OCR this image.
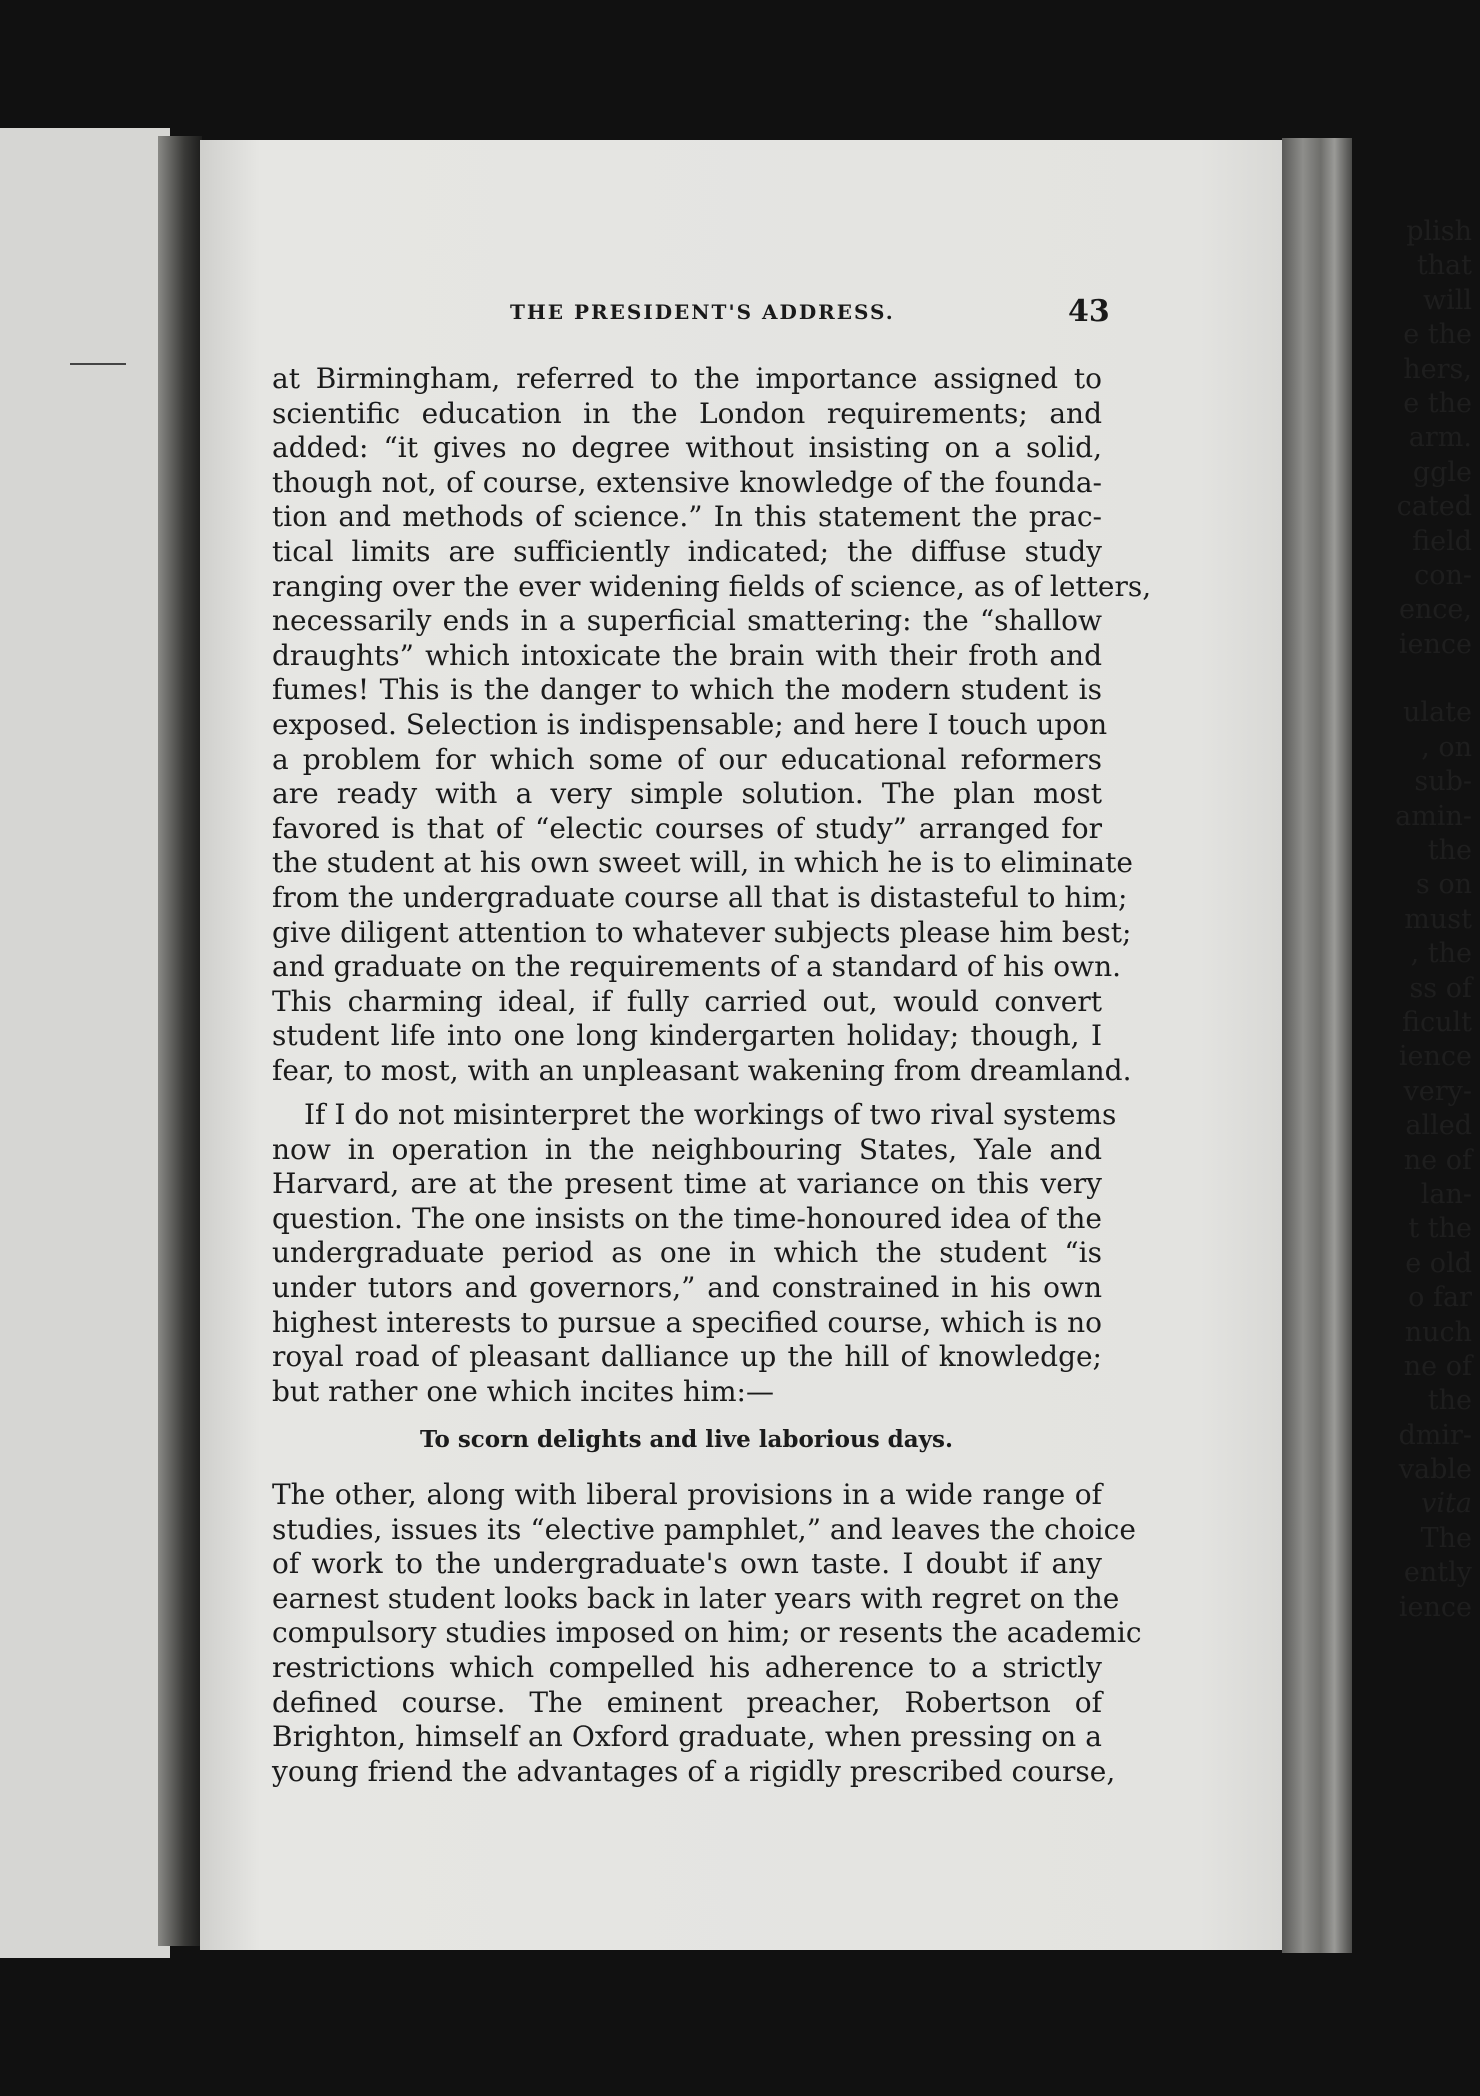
plish
that
will
e the
hers,
e the
arm.
ggle
cated
field
con-
ence,
ience
ulate
, on
sub-
amin-
the
s on
must
, the
ss of
ficult
ience
very-
alled
ne of
lan-
t the
e old
o far
nuch
ne of
the
dmir-
vable
vita
The
ently
ience
THE PRESIDENT'S ADDRESS.	43
at Birmingham, referred to the importance assigned to
scientific education in the London requirements; and
added: “it gives no degree without insisting on a solid,
though not, of course, extensive knowledge of the founda-
tion and methods of science.” In this statement the prac-
tical limits are sufficiently indicated; the diffuse study
ranging over the ever widening fields of science, as of letters,
necessarily ends in a superficial smattering: the “shallow
draughts” which intoxicate the brain with their froth and
fumes! This is the danger to which the modern student is
exposed. Selection is indispensable; and here I touch upon
a problem for which some of our educational reformers
are ready with a very simple solution. The plan most
favored is that of “electic courses of study” arranged for
the student at his own sweet will, in which he is to eliminate
from the undergraduate course all that is distasteful to him;
give diligent attention to whatever subjects please him best;
and graduate on the requirements of a standard of his own.
This charming ideal, if fully carried out, would convert
student life into one long kindergarten holiday; though, I
fear, to most, with an unpleasant wakening from dreamland.
If I do not misinterpret the workings of two rival systems
now in operation in the neighbouring States, Yale and
Harvard, are at the present time at variance on this very
question. The one insists on the time-honoured idea of the
undergraduate period as one in which the student “is
under tutors and governors,” and constrained in his own
highest interests to pursue a specified course, which is no
royal road of pleasant dalliance up the hill of knowledge;
but rather one which incites him:—
To scorn delights and live laborious days.
The other, along with liberal provisions in a wide range of
studies, issues its “elective pamphlet,” and leaves the choice
of work to the undergraduate's own taste. I doubt if any
earnest student looks back in later years with regret on the
compulsory studies imposed on him; or resents the academic
restrictions which compelled his adherence to a strictly
defined course. The eminent preacher, Robertson of
Brighton, himself an Oxford graduate, when pressing on a
young friend the advantages of a rigidly prescribed course,
